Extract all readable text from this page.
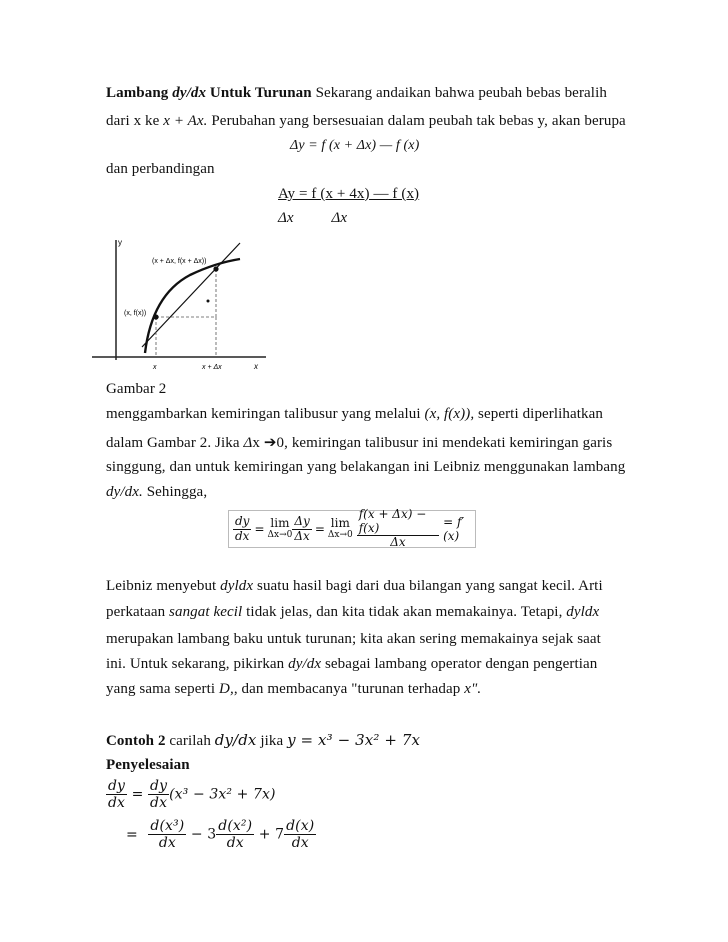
Lambang dy/dx Untuk Turunan Sekarang andaikan bahwa peubah bebas beralih
dari x ke x + Ax. Perubahan yang bersesuaian dalam peubah tak bebas y, akan berupa
Δy = f (x + Δx) — f (x)
dan perbandingan
Ay = f (x + 4x) — f (x)
Δx	Δx
y
x
(x, f(x))
(x + Δx, f(x + Δx))
x	x + Δx
Gambar 2
menggambarkan kemiringan talibusur yang melalui (x, f(x)), seperti diperlihatkan
dalam Gambar 2. Jika Δx ➔0, kemiringan talibusur ini mendekati kemiringan garis
singgung, dan untuk kemiringan yang belakangan ini Leibniz menggunakan lambang
dy/dx. Sehingga,
$\frac{dy}{dx} = \lim$
$\Delta x\to 0 \frac{\Delta y}{\Delta x} = \lim$
$\Delta x\to 0 \frac{f(x + \Delta x) - f(x)}{\Delta x} = f'(x)$
Leibniz menyebut dyldx suatu hasil bagi dari dua bilangan yang sangat kecil. Arti
perkataan sangat kecil tidak jelas, dan kita tidak akan memakainya. Tetapi, dyldx
merupakan lambang baku untuk turunan; kita akan sering memakainya sejak saat
ini. Untuk sekarang, pikirkan dy/dx sebagai lambang operator dengan pengertian
yang sama seperti D,, dan membacanya "turunan terhadap x".
Contoh 2 carilah dy/dx jika y = x³ − 3x² + 7x
Penyelesaian
$\frac{dy}{dx} = \frac{dy}{dx} (x^3 - 3x^2 + 7x)$
= $\frac{\text{d(x³)}}{dx} - 3 \frac{\text{d(x²)}}{dx} + 7 \frac{d(x)}{dx}$
